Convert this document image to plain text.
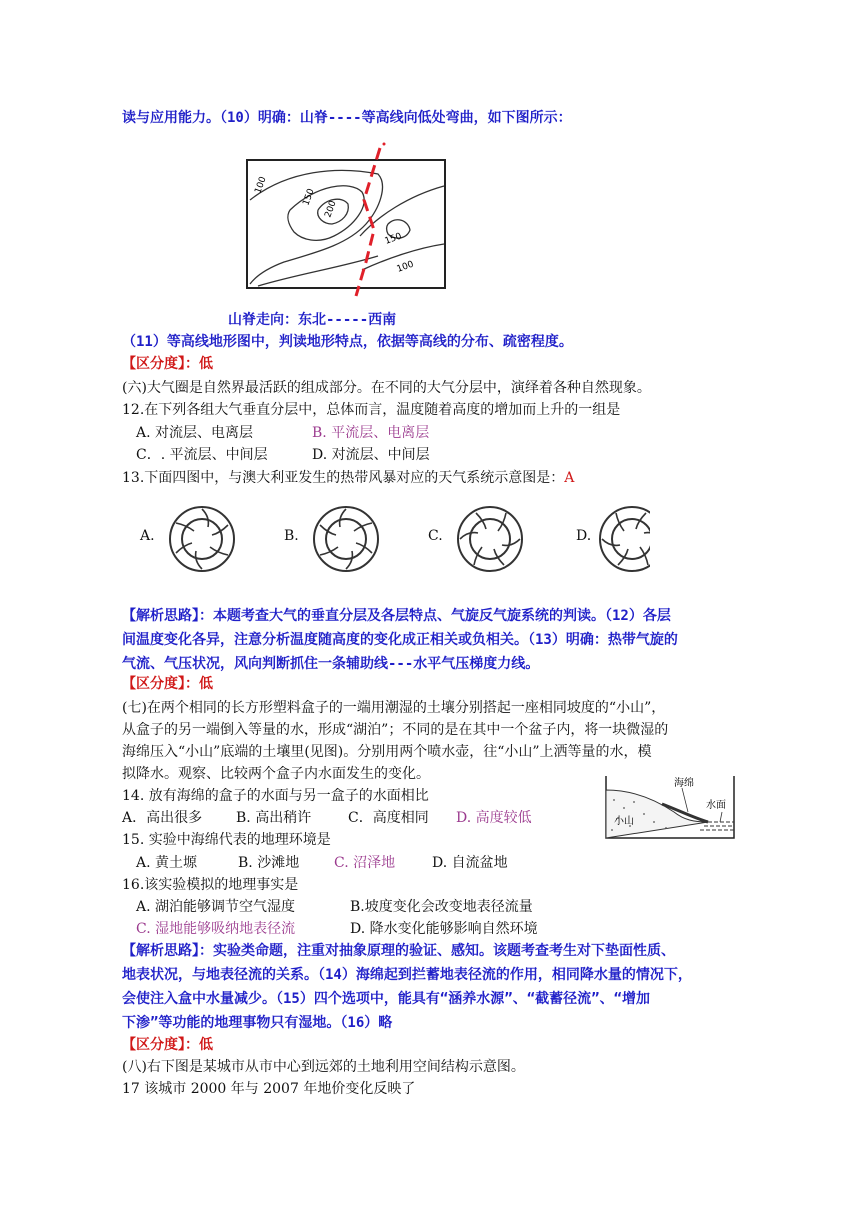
读与应用能力。（10）明确：山脊----等高线向低处弯曲，如下图所示：
100
150
200
150
100
山脊走向：东北-----西南
（11）等高线地形图中，判读地形特点，依据等高线的分布、疏密程度。
【区分度】：低
(六)大气圈是自然界最活跃的组成部分。在不同的大气分层中，演绎着各种自然现象。
12.在下列各组大气垂直分层中，总体而言，温度随着高度的增加而上升的一组是
A. 对流层、电离层	B. 平流层、电离层
C．. 平流层、中间层	D. 对流层、中间层
13.下面四图中，与澳大利亚发生的热带风暴对应的天气系统示意图是：A
A.	B.	C.	D.
【解析思路】：本题考查大气的垂直分层及各层特点、气旋反气旋系统的判读。（12）各层
间温度变化各异，注意分析温度随高度的变化成正相关或负相关。（13）明确：热带气旋的
气流、气压状况，风向判断抓住一条辅助线---水平气压梯度力线。
【区分度】：低
(七)在两个相同的长方形塑料盒子的一端用潮湿的土壤分别搭起一座相同坡度的“小山”，
从盒子的另一端倒入等量的水，形成“湖泊”；不同的是在其中一个盆子内，将一块微湿的
海绵压入“小山”底端的土壤里(见图)。分别用两个喷水壶，往“小山”上洒等量的水，模
拟降水。观察、比较两个盒子内水面发生的变化。
海绵
水面
小山
14. 放有海绵的盒子的水面与另一盒子的水面相比
A．高出很多 B. 高出稍许	C．高度相同 D. 高度较低
15. 实验中海绵代表的地理环境是
A. 黄土塬	B. 沙滩地 C. 沼泽地	D. 自流盆地
16.该实验模拟的地理事实是
A. 湖泊能够调节空气湿度	B.坡度变化会改变地表径流量
C. 湿地能够吸纳地表径流	D. 降水变化能够影响自然环境
【解析思路】：实验类命题，注重对抽象原理的验证、感知。该题考查考生对下垫面性质、
地表状况，与地表径流的关系。（14）海绵起到拦蓄地表径流的作用，相同降水量的情况下，
会使注入盒中水量减少。（15）四个选项中，能具有“涵养水源”、“截蓄径流”、“增加
下渗”等功能的地理事物只有湿地。（16）略
【区分度】：低
(八)右下图是某城市从市中心到远郊的土地利用空间结构示意图。
17 该城市 2000 年与 2007 年地价变化反映了
